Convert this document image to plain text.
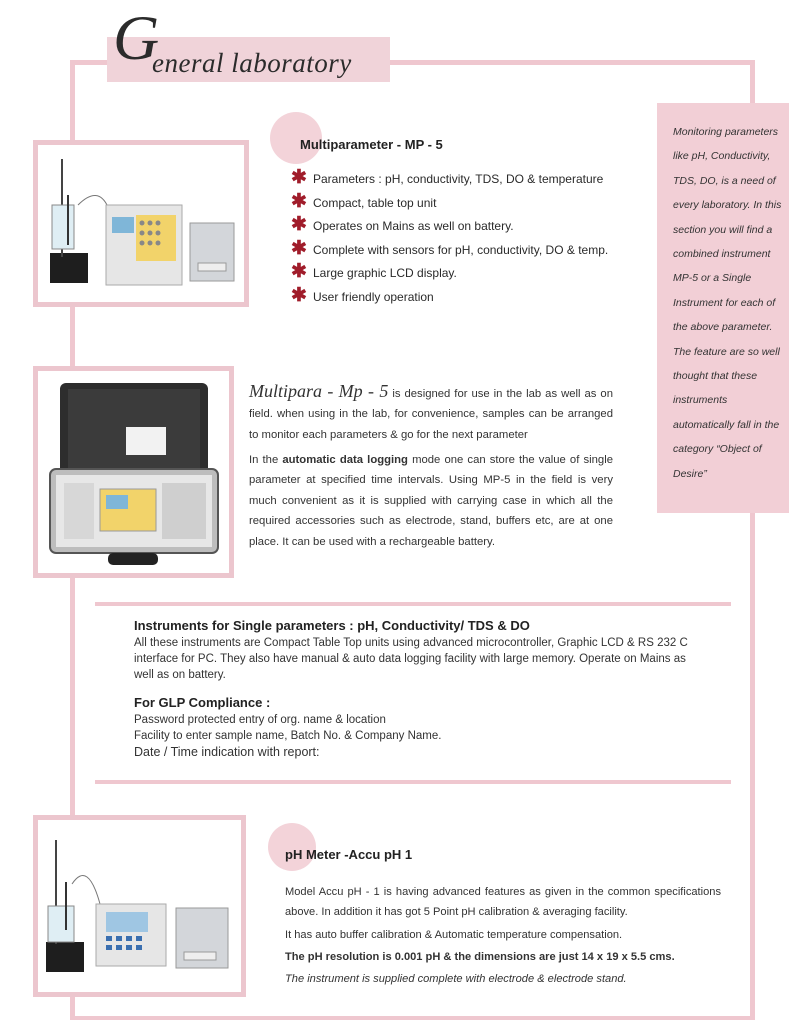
G
eneral laboratory

Monitoring parameters like pH, Conductivity, TDS, DO, is a need of every laboratory. In this section you will find a combined instrument MP-5 or a Single Instrument for each of the above parameter. The feature are so well thought that these instruments automatically fall in the category “Object of Desire”

Multiparameter - MP - 5
✱ Parameters : pH, conductivity, TDS, DO & temperature
✱ Compact, table top unit
✱ Operates on Mains as well on battery.
✱ Complete with sensors for pH, conductivity, DO & temp.
✱ Large graphic LCD display.
✱ User friendly operation
Multipara - Mp - 5 is designed for use in the lab as well as on field. when using in the lab, for convenience, samples can be arranged to monitor each parameters & go for the next parameter
In the automatic data logging mode one can store the value of single parameter at specified time intervals. Using MP-5 in the field is very much convenient as it is supplied with carrying case in which all the required accessories such as electrode, stand, buffers etc, are at one place. It can be used with a rechargeable battery.
Instruments for Single parameters : pH, Conductivity/ TDS & DO
All these instruments are Compact Table Top units using advanced microcontroller, Graphic LCD & RS 232 C interface for PC. They also have manual & auto data logging facility with large memory. Operate on Mains as well as on battery.
For GLP Compliance :
Password protected entry of org. name & location
Facility to enter sample name, Batch No. & Company Name.
Date / Time indication with report:
pH Meter -Accu pH 1
Model Accu pH - 1 is having advanced features as given in the common specifications above. In addition it has got 5 Point pH calibration & averaging facility.
It has auto buffer calibration & Automatic temperature compensation.
The pH resolution is 0.001 pH & the dimensions are just 14 x 19 x 5.5 cms.
The instrument is supplied complete with electrode & electrode stand.
